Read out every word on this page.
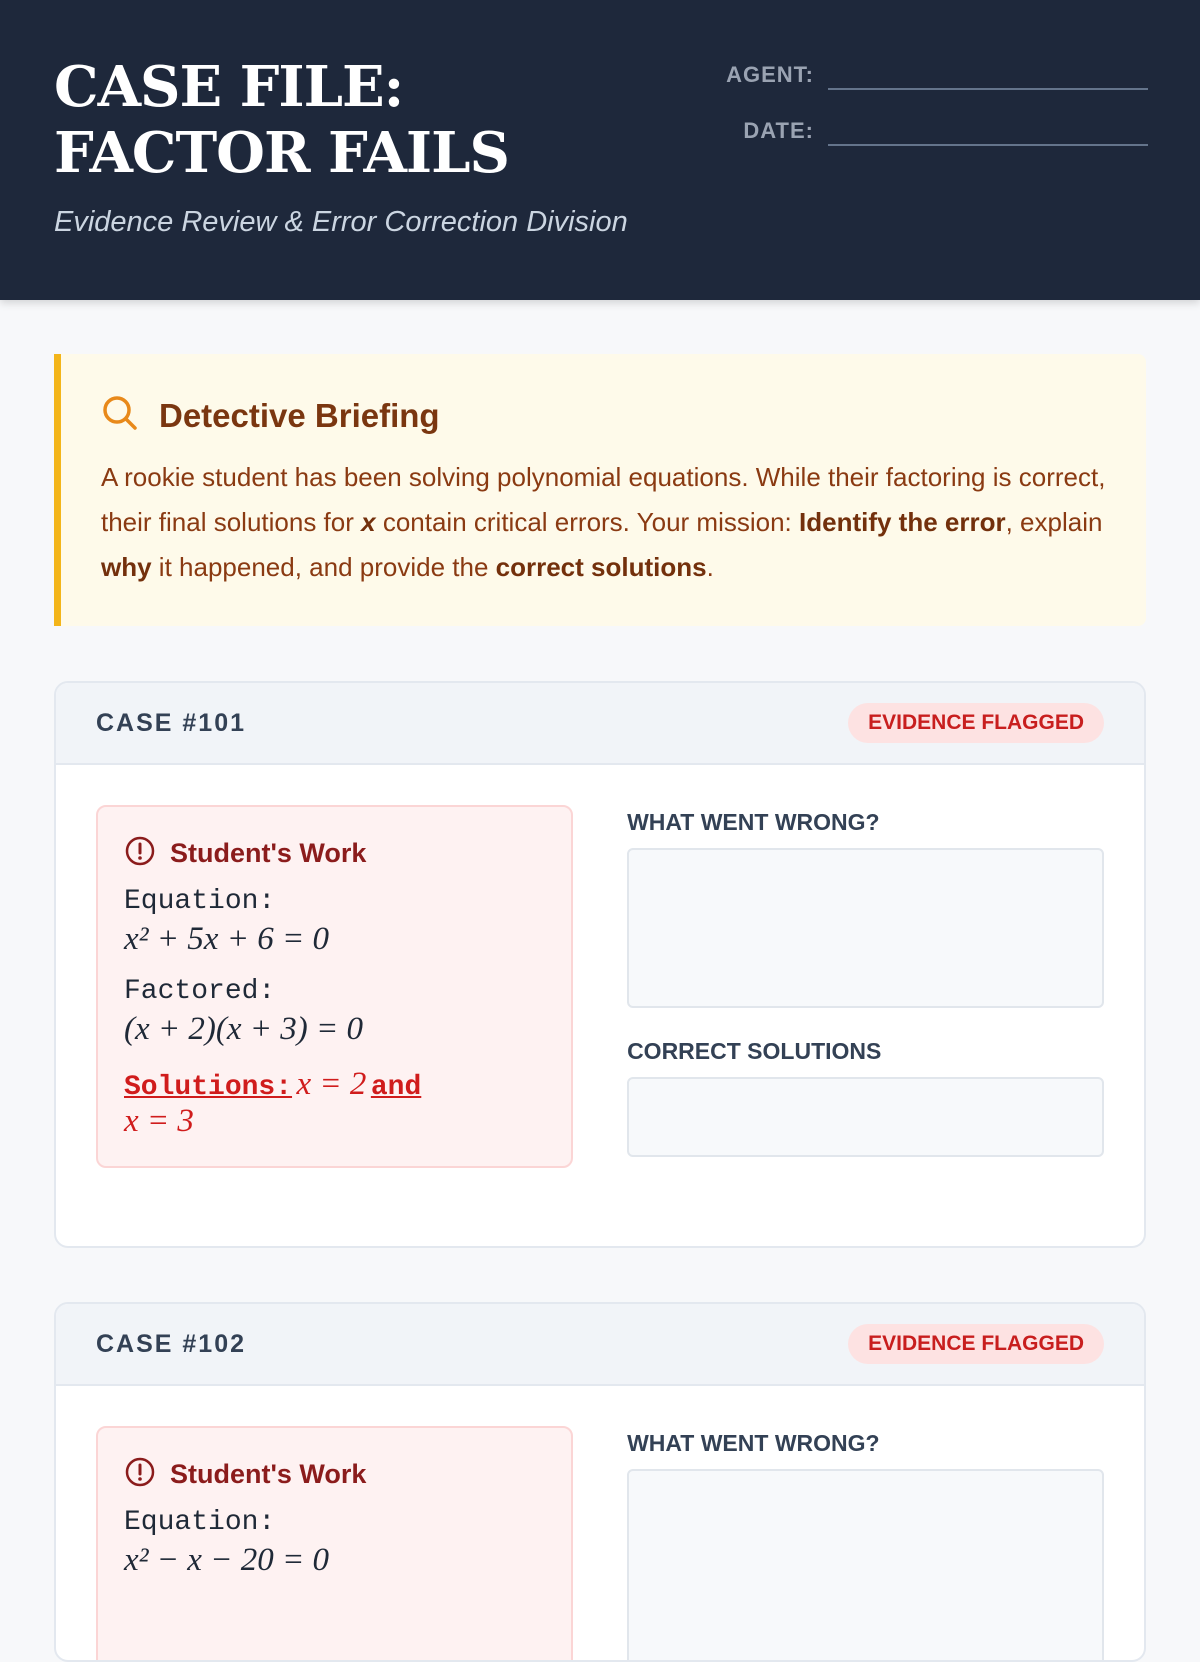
CASE FILE: FACTOR FAILS
Evidence Review & Error Correction Division
AGENT:
DATE:
Detective Briefing
A rookie student has been solving polynomial equations. While their factoring is correct, their final solutions for x contain critical errors. Your mission: Identify the error, explain why it happened, and provide the correct solutions.
CASE #101	EVIDENCE FLAGGED
Student's Work
Equation:
x² + 5x + 6 = 0
Factored:
(x + 2)(x + 3) = 0
Solutions: x = 2 and
x = 3
WHAT WENT WRONG?
CORRECT SOLUTIONS
CASE #102	EVIDENCE FLAGGED
Student's Work
Equation:
x² − x − 20 = 0
WHAT WENT WRONG?
